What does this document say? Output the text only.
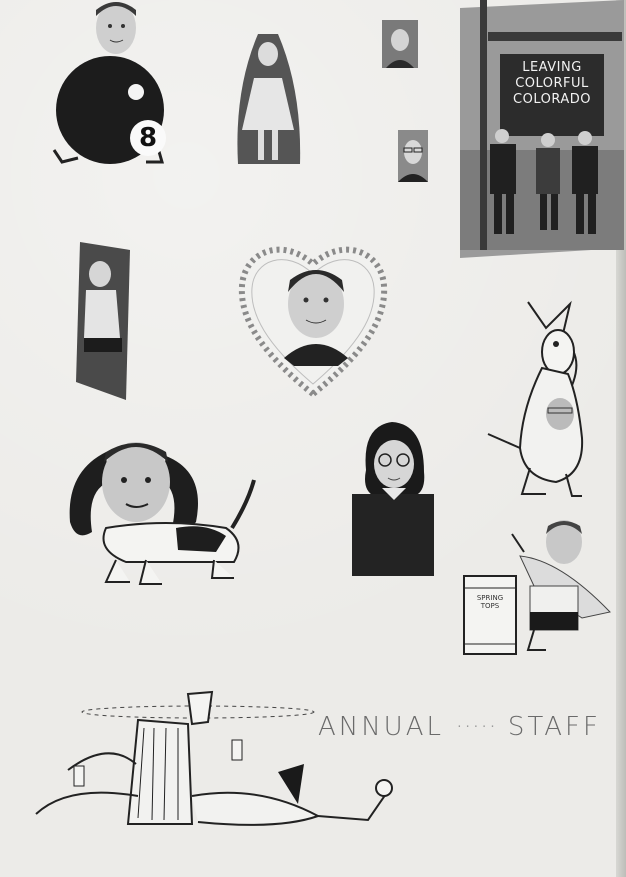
8
LEAVING
COLORFUL
COLORADO
SPRING TOPS
ANNUAL ····· STAFF
